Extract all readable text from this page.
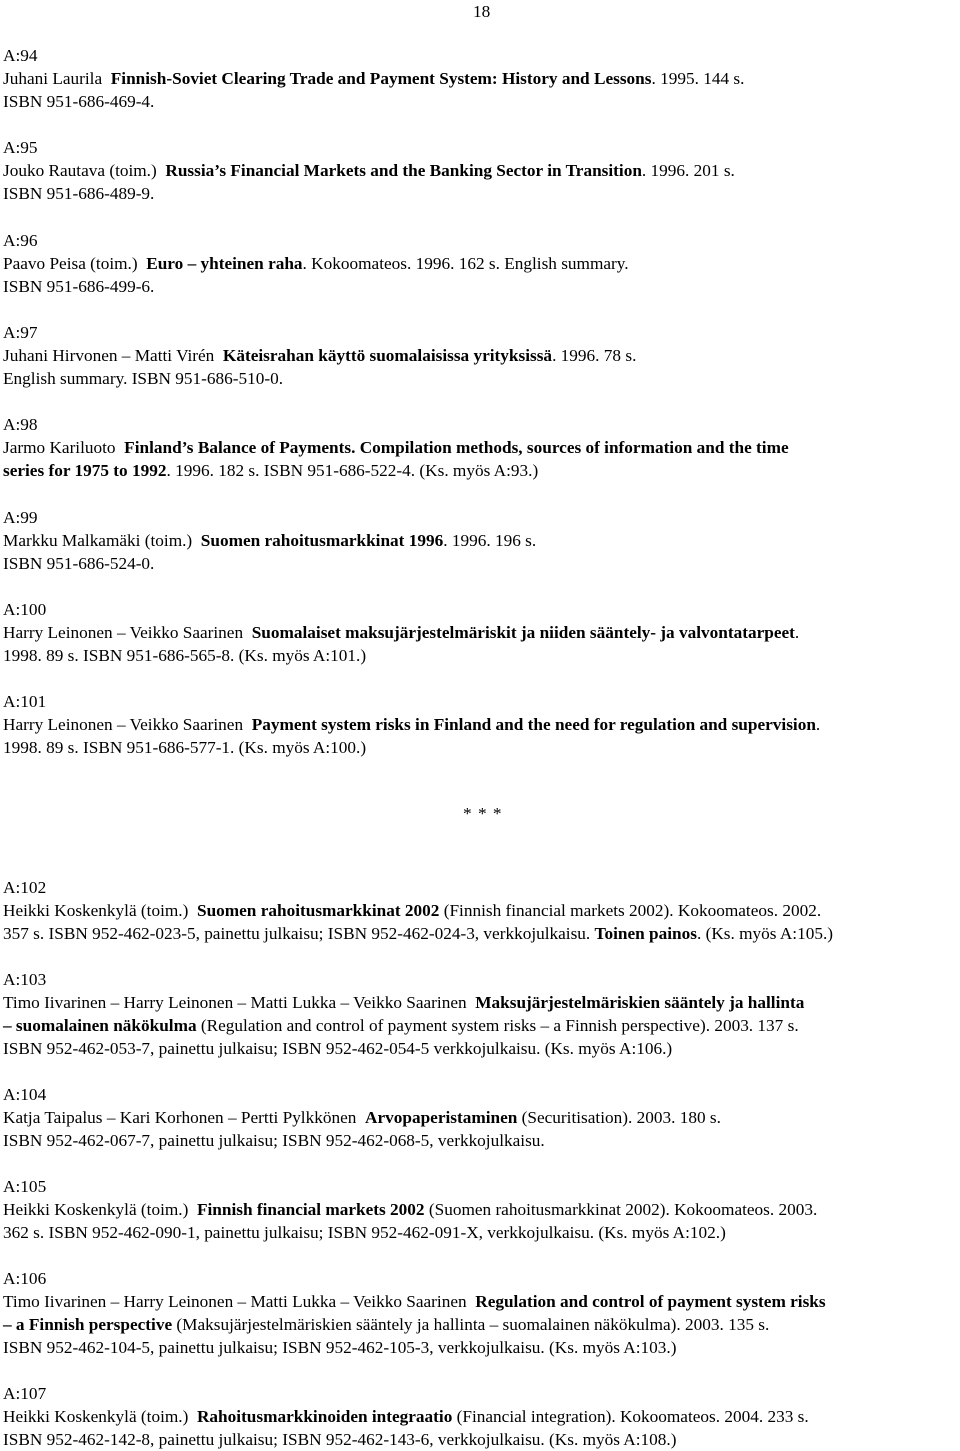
18
A:94
Juhani Laurila  Finnish-Soviet Clearing Trade and Payment System: History and Lessons. 1995. 144 s.
ISBN 951-686-469-4.
A:95
Jouko Rautava (toim.)  Russia’s Financial Markets and the Banking Sector in Transition. 1996. 201 s.
ISBN 951-686-489-9.
A:96
Paavo Peisa (toim.)  Euro – yhteinen raha. Kokoomateos. 1996. 162 s. English summary.
ISBN 951-686-499-6.
A:97
Juhani Hirvonen – Matti Virén  Käteisrahan käyttö suomalaisissa yrityksissä. 1996. 78 s.
English summary. ISBN 951-686-510-0.
A:98
Jarmo Kariluoto  Finland’s Balance of Payments. Compilation methods, sources of information and the time
series for 1975 to 1992. 1996. 182 s. ISBN 951-686-522-4. (Ks. myös A:93.)
A:99
Markku Malkamäki (toim.)  Suomen rahoitusmarkkinat 1996. 1996. 196 s.
ISBN 951-686-524-0.
A:100
Harry Leinonen – Veikko Saarinen  Suomalaiset maksujärjestelmäriskit ja niiden sääntely- ja valvontatarpeet.
1998. 89 s. ISBN 951-686-565-8. (Ks. myös A:101.)
A:101
Harry Leinonen – Veikko Saarinen  Payment system risks in Finland and the need for regulation and supervision.
1998. 89 s. ISBN 951-686-577-1. (Ks. myös A:100.)
A:102
Heikki Koskenkylä (toim.)  Suomen rahoitusmarkkinat 2002 (Finnish financial markets 2002). Kokoomateos. 2002.
357 s. ISBN 952-462-023-5, painettu julkaisu; ISBN 952-462-024-3, verkkojulkaisu. Toinen painos. (Ks. myös A:105.)
A:103
Timo Iivarinen – Harry Leinonen – Matti Lukka – Veikko Saarinen  Maksujärjestelmäriskien sääntely ja hallinta
– suomalainen näkökulma (Regulation and control of payment system risks – a Finnish perspective). 2003. 137 s.
ISBN 952-462-053-7, painettu julkaisu; ISBN 952-462-054-5 verkkojulkaisu. (Ks. myös A:106.)
A:104
Katja Taipalus – Kari Korhonen – Pertti Pylkkönen  Arvopaperistaminen (Securitisation). 2003. 180 s.
ISBN 952-462-067-7, painettu julkaisu; ISBN 952-462-068-5, verkkojulkaisu.
A:105
Heikki Koskenkylä (toim.)  Finnish financial markets 2002 (Suomen rahoitusmarkkinat 2002). Kokoomateos. 2003.
362 s. ISBN 952-462-090-1, painettu julkaisu; ISBN 952-462-091-X, verkkojulkaisu. (Ks. myös A:102.)
A:106
Timo Iivarinen – Harry Leinonen – Matti Lukka – Veikko Saarinen  Regulation and control of payment system risks
– a Finnish perspective (Maksujärjestelmäriskien sääntely ja hallinta – suomalainen näkökulma). 2003. 135 s.
ISBN 952-462-104-5, painettu julkaisu; ISBN 952-462-105-3, verkkojulkaisu. (Ks. myös A:103.)
A:107
Heikki Koskenkylä (toim.)  Rahoitusmarkkinoiden integraatio (Financial integration). Kokoomateos. 2004. 233 s.
ISBN 952-462-142-8, painettu julkaisu; ISBN 952-462-143-6, verkkojulkaisu. (Ks. myös A:108.)
* * *
